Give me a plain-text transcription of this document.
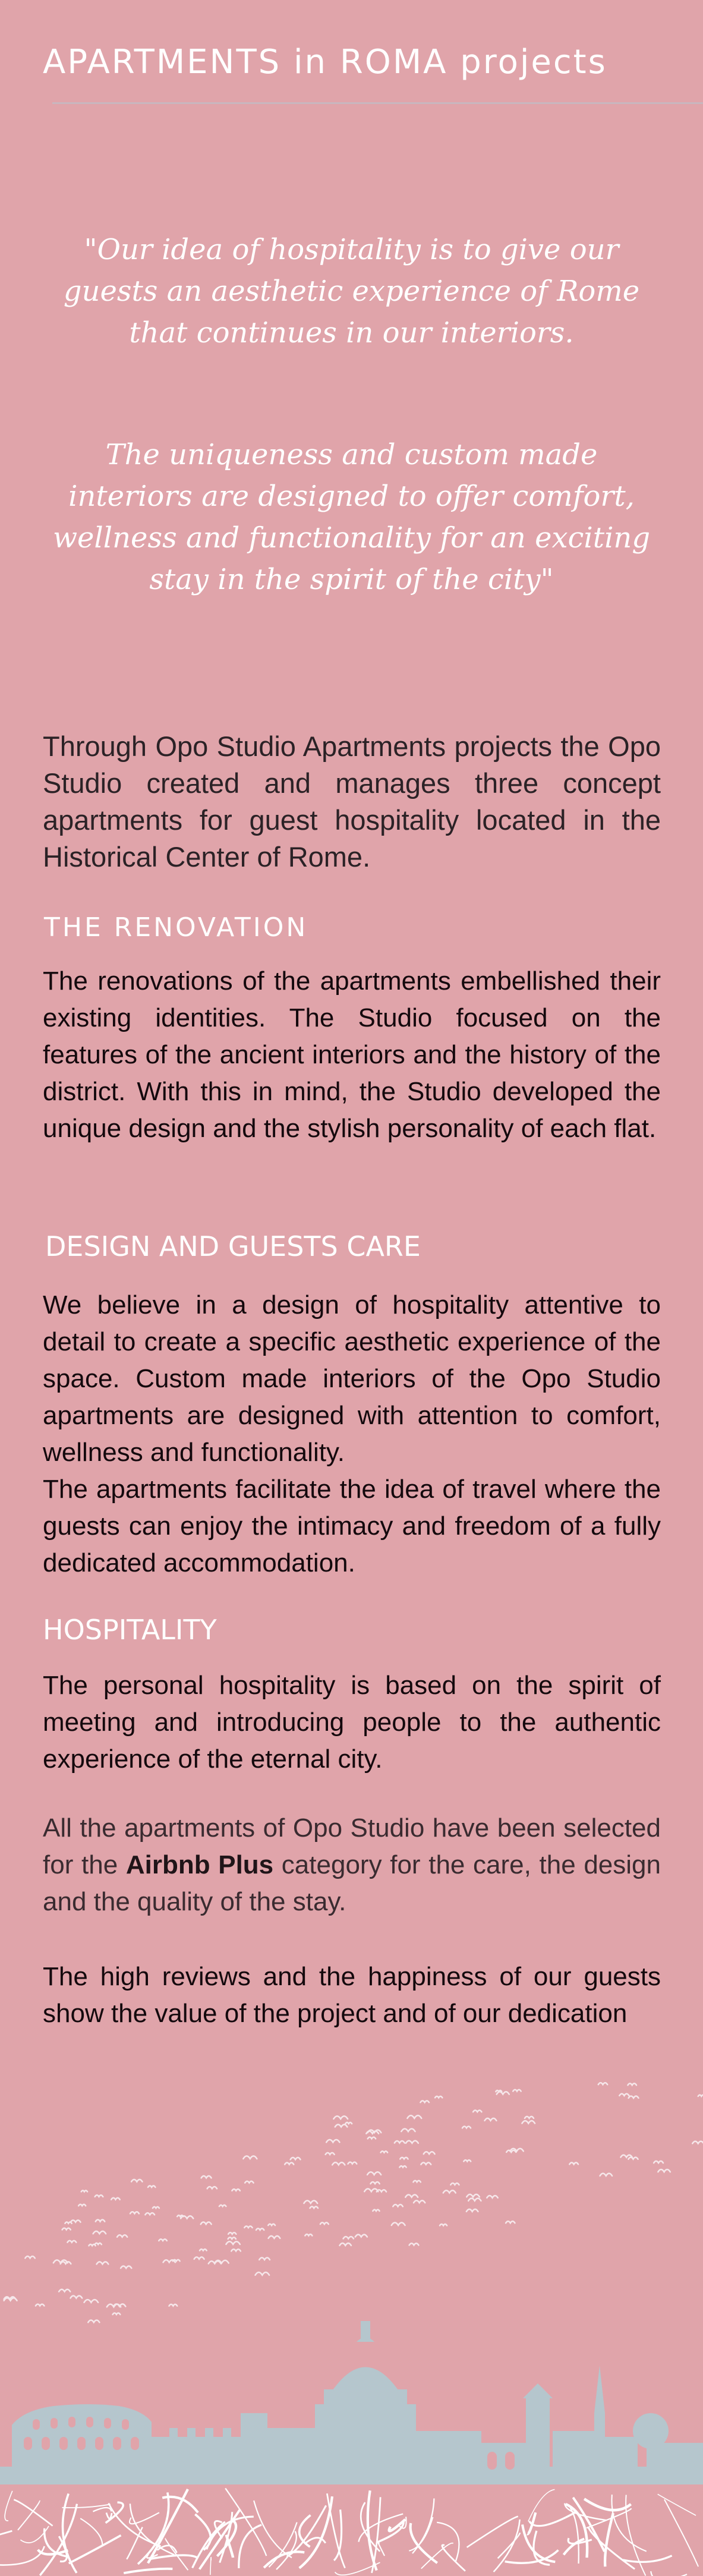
APARTMENTS in ROMA projects

"Our idea of hospitality is to give our guests an aesthetic experience of Rome that continues in our interiors.

The uniqueness and custom made interiors are designed to offer comfort, wellness and functionality for an exciting stay in the spirit of the city"

Through Opo Studio Apartments projects the Opo Studio created and manages three concept apartments for guest hospitality located in the Historical Center of Rome.

THE RENOVATION

The renovations of the apartments embellished their existing identities. The Studio focused on the features of the ancient interiors and the history of the district. With this in mind, the Studio developed the unique design and the stylish personality of each flat.

DESIGN AND GUESTS CARE
We believe in a design of hospitality attentive to detail to create a specific aesthetic experience of the space. Custom made interiors of the Opo Studio apartments are designed with attention to comfort, wellness and functionality.
The apartments facilitate the idea of travel where the guests can enjoy the intimacy and freedom of a fully dedicated accommodation.
HOSPITALITY

The personal hospitality is based on the spirit of meeting and introducing people to the authentic experience of the eternal city.

All the apartments of Opo Studio have been selected for the Airbnb Plus category for the care, the design and the quality of the stay.

The high reviews and the happiness of our guests show the value of the project and of our dedication
